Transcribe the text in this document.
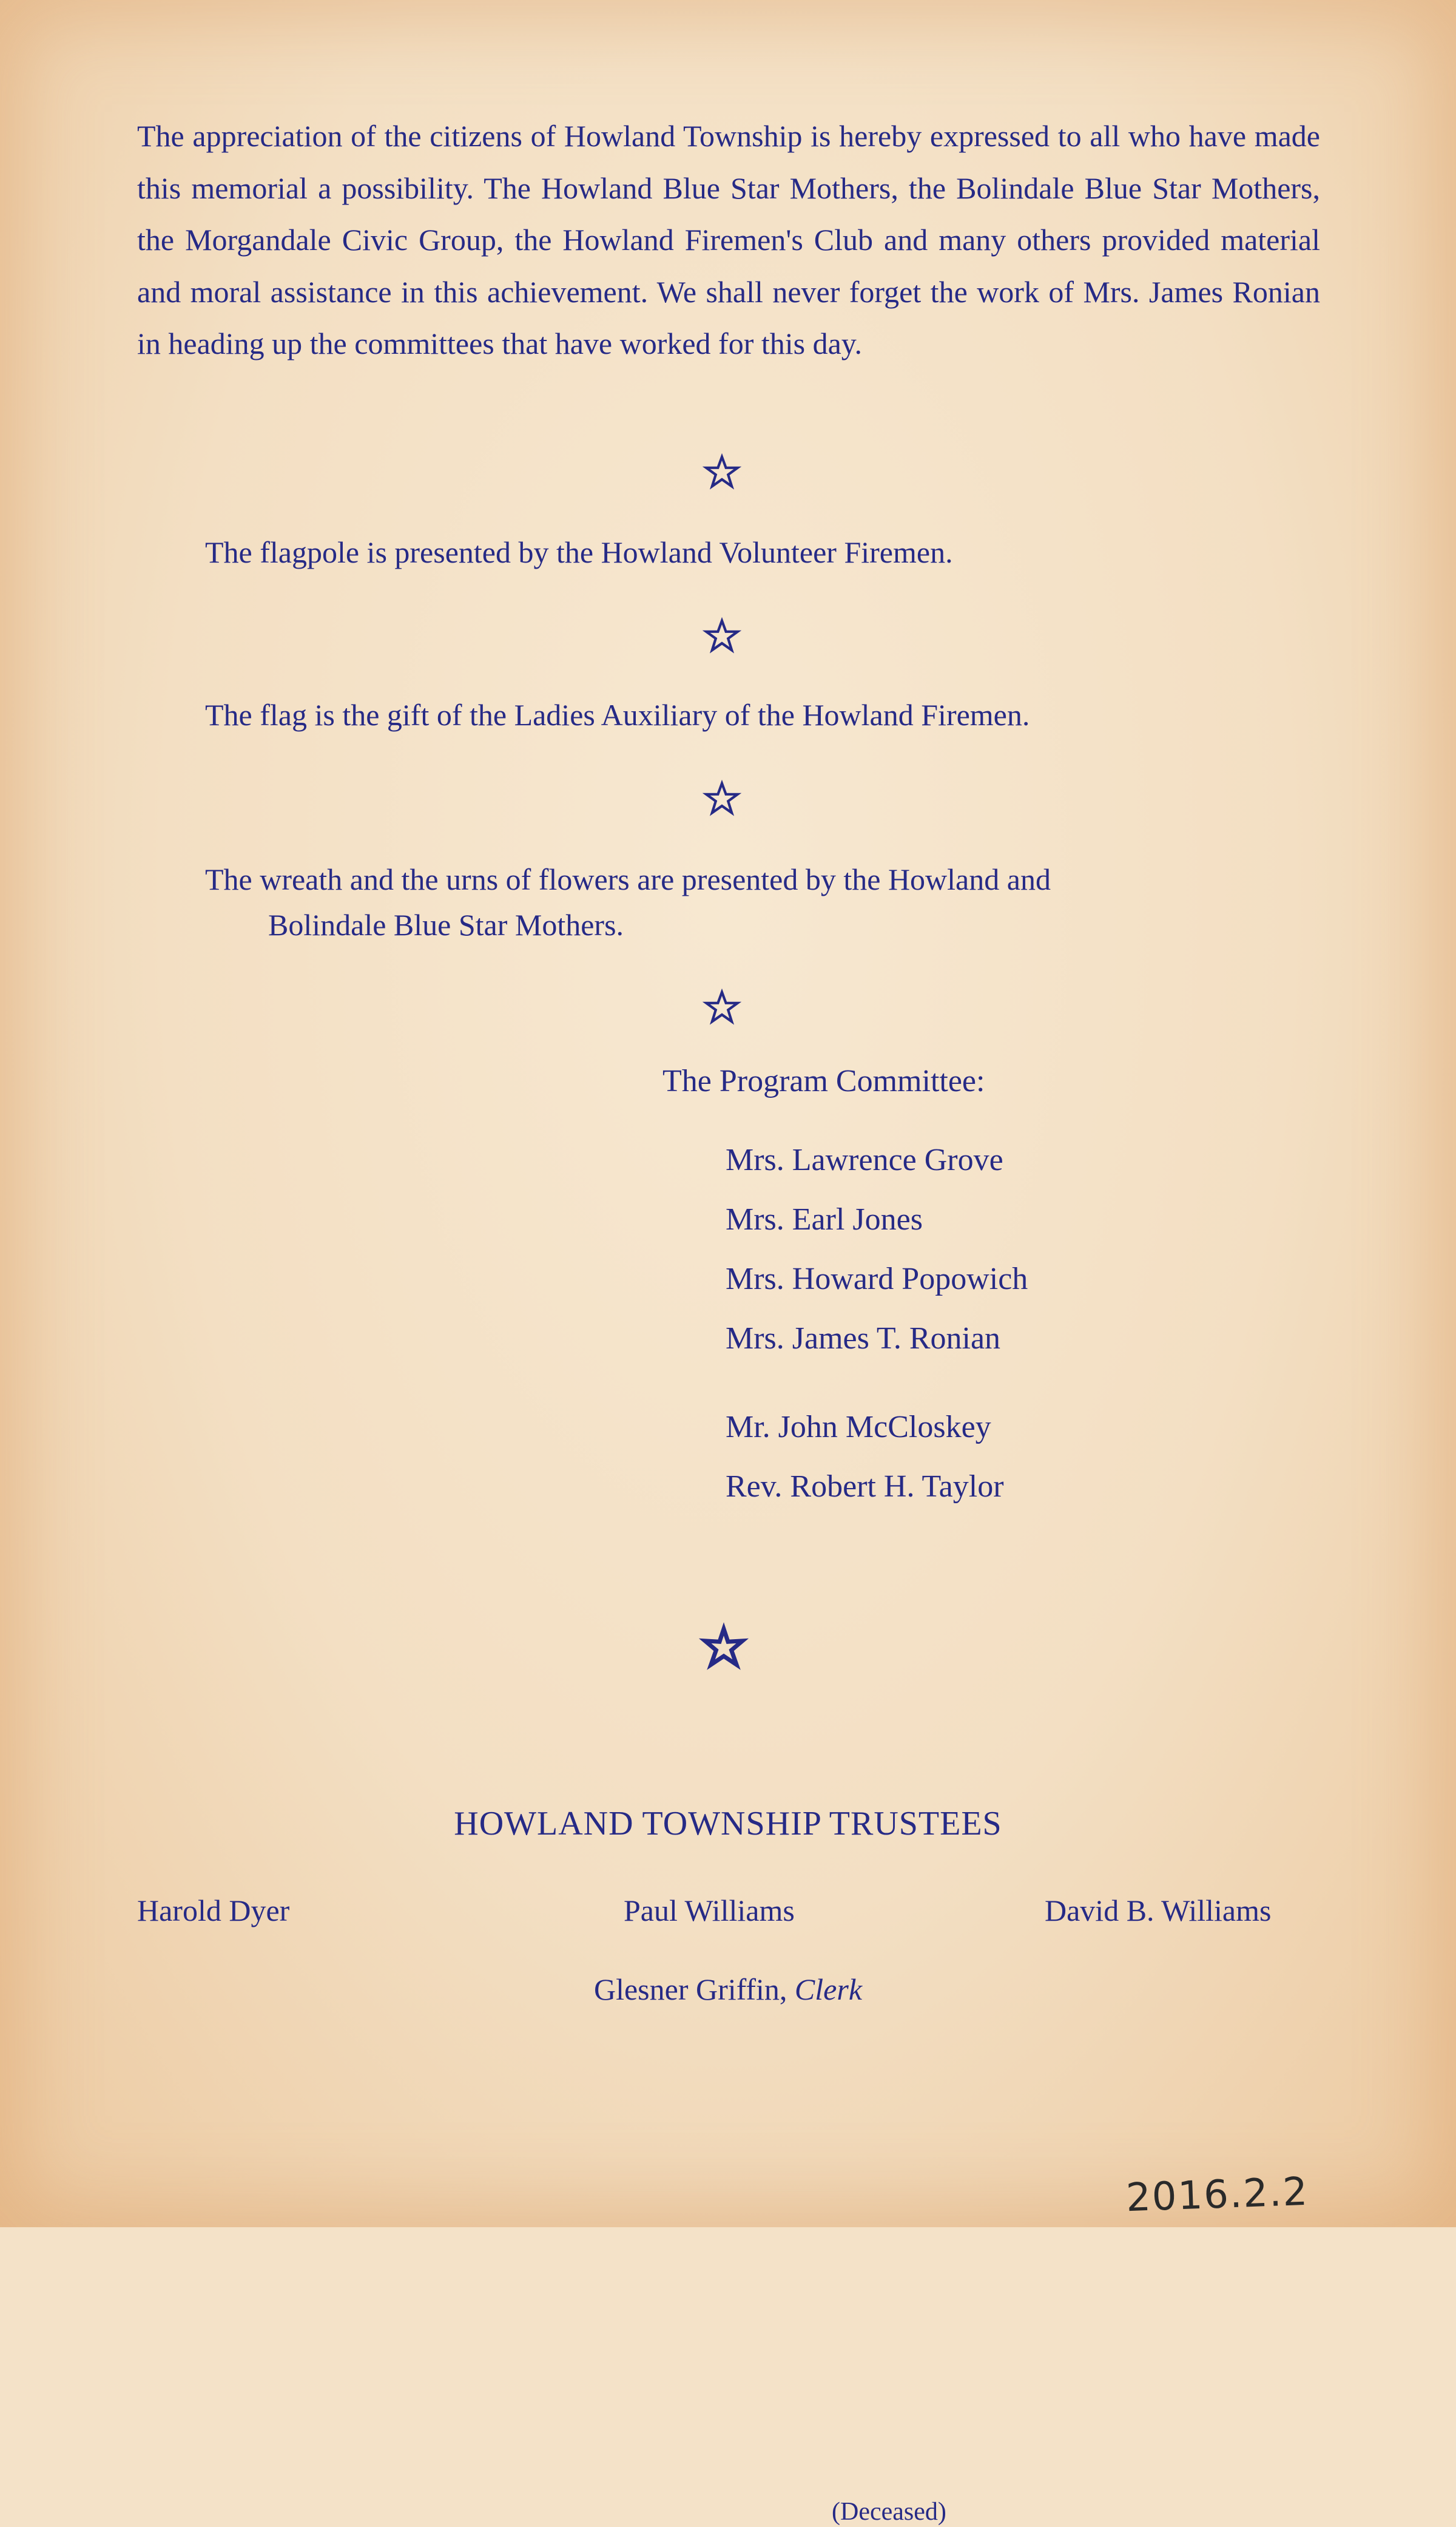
The appreciation of the citizens of Howland Township is hereby expressed to all who have made this memorial a possibility. The Howland Blue Star Mothers, the Bolindale Blue Star Mothers, the Morgandale Civic Group, the Howland Firemen's Club and many others provided material and moral assistance in this achievement. We shall never forget the work of Mrs. James Ronian in heading up the committees that have worked for this day.

The flagpole is presented by the Howland Volunteer Firemen.
The flag is the gift of the Ladies Auxiliary of the Howland Firemen.

The wreath and the urns of flowers are presented by the Howland and
Bolindale Blue Star Mothers.

The Program Committee:
Mrs. Lawrence Grove
Mrs. Earl Jones
Mrs. Howard Popowich
Mrs. James T. Ronian
(Deceased)
Mr. John McCloskey
Rev. Robert H. Taylor
HOWLAND TOWNSHIP TRUSTEES
Harold Dyer	Paul Williams	David B. Williams
Glesner Griffin, Clerk
2016.2.2
